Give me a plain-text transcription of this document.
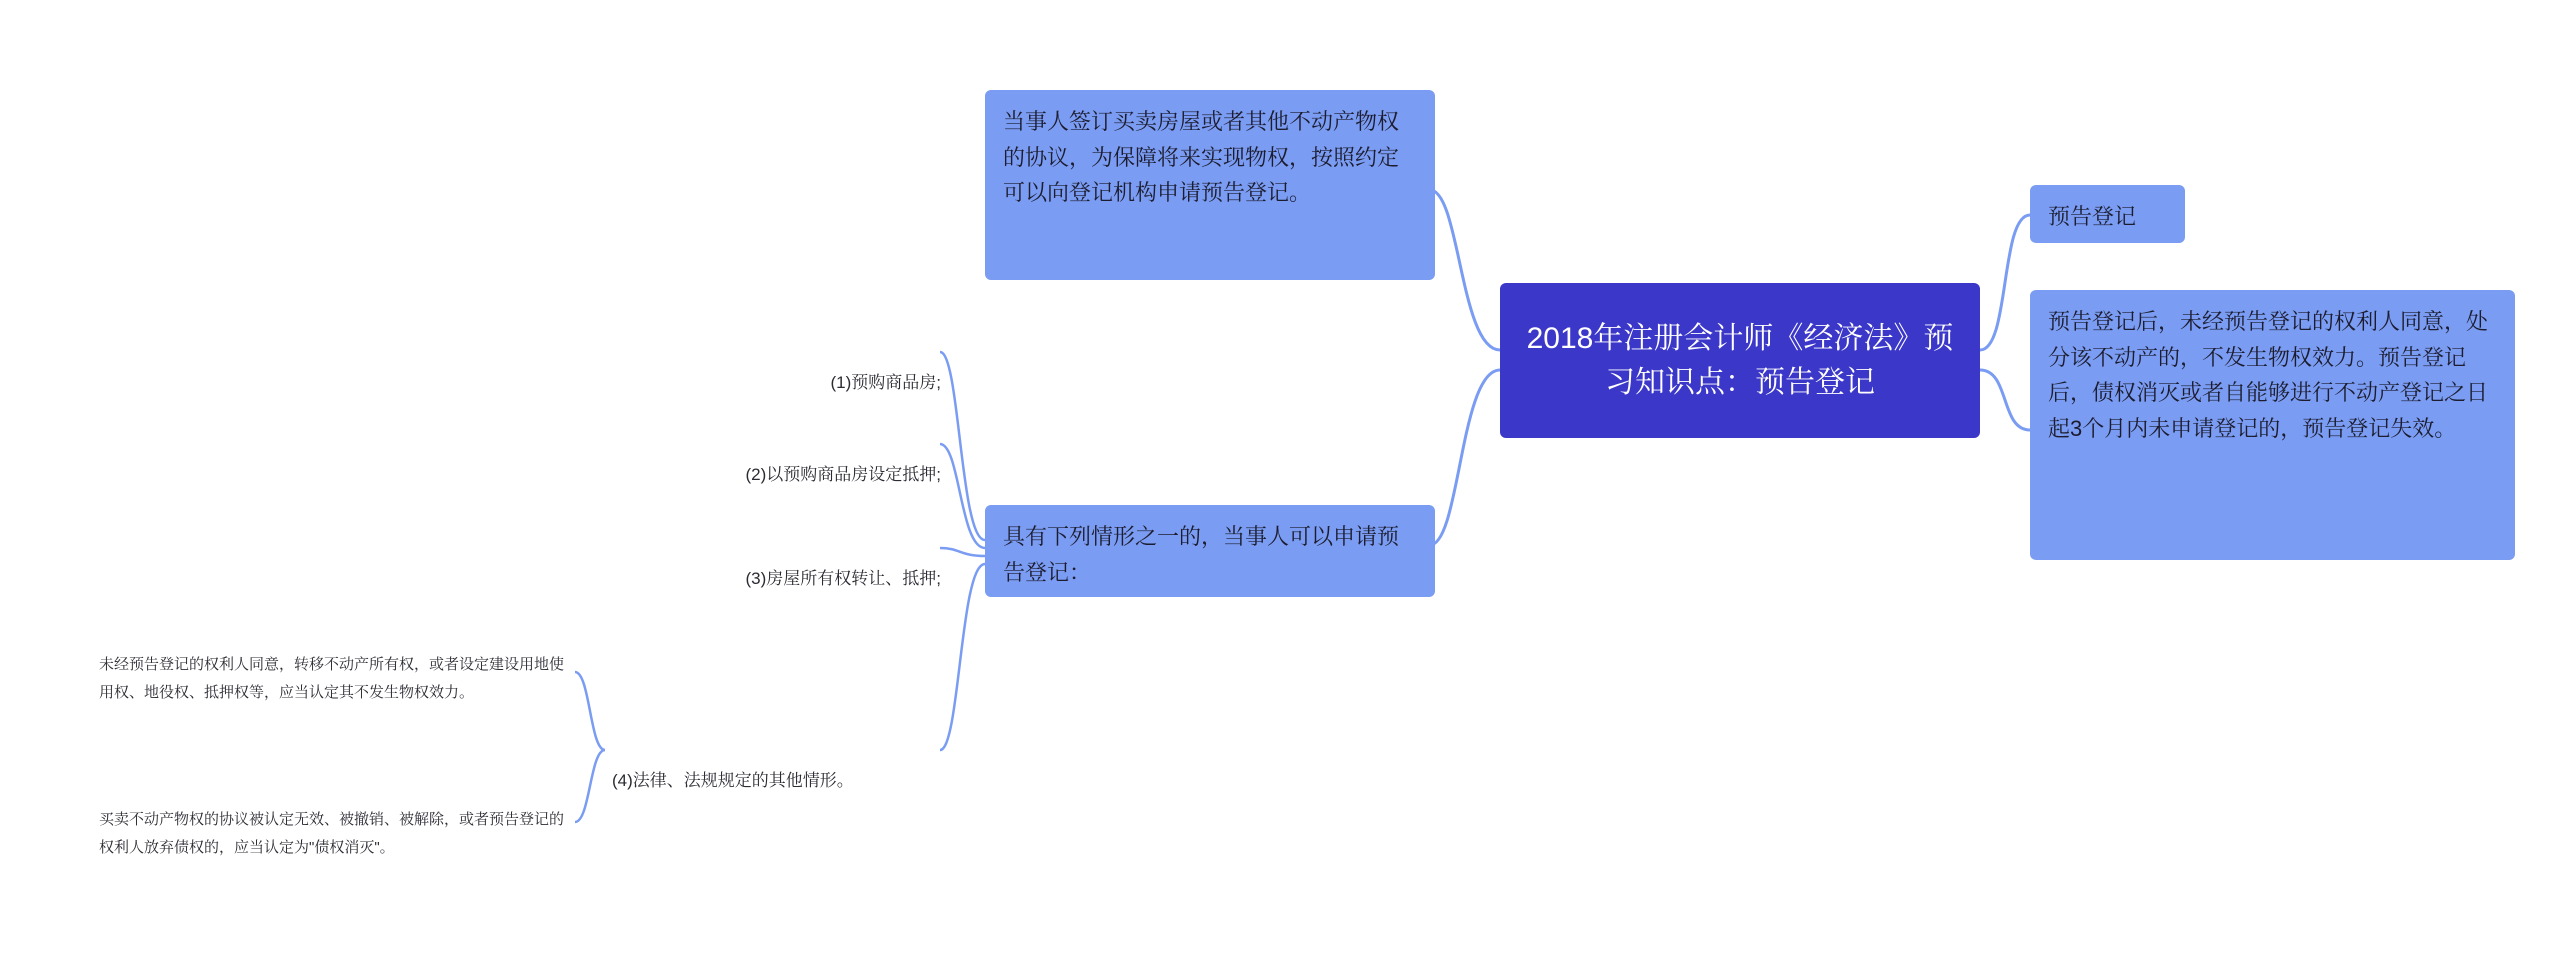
2018年注册会计师《经济法》预习知识点：预告登记
当事人签订买卖房屋或者其他不动产物权的协议，为保障将来实现物权，按照约定可以向登记机构申请预告登记。
具有下列情形之一的，当事人可以申请预告登记：

(1)预购商品房;

(2)以预购商品房设定抵押;

(3)房屋所有权转让、抵押;

(4)法律、法规规定的其他情形。

未经预告登记的权利人同意，转移不动产所有权，或者设定建设用地使用权、地役权、抵押权等，应当认定其不发生物权效力。

买卖不动产物权的协议被认定无效、被撤销、被解除，或者预告登记的权利人放弃债权的，应当认定为"债权消灭"。

预告登记
预告登记后，未经预告登记的权利人同意，处分该不动产的，不发生物权效力。预告登记后，债权消灭或者自能够进行不动产登记之日起3个月内未申请登记的，预告登记失效。
